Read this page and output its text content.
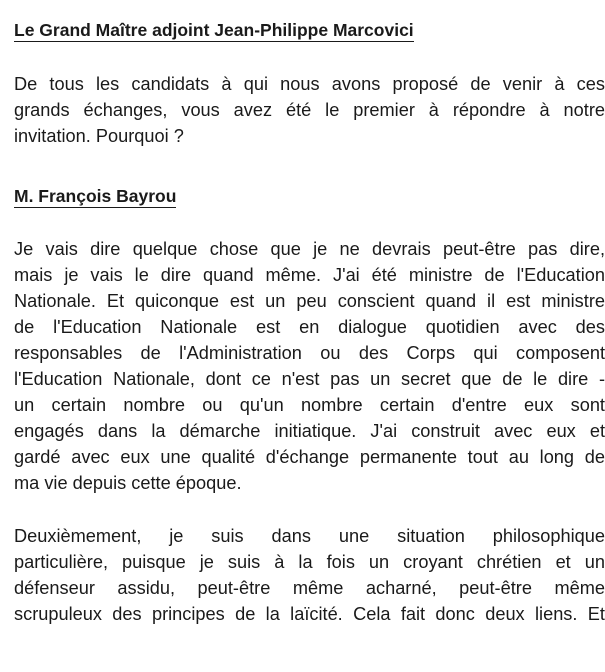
Le Grand Maître adjoint Jean-Philippe Marcovici
De tous les candidats à qui nous avons proposé de venir à ces
grands échanges, vous avez été le premier à répondre à notre
invitation. Pourquoi ?
M. François Bayrou
Je vais dire quelque chose que je ne devrais peut-être pas dire,
mais je vais le dire quand même. J'ai été ministre de l'Education
Nationale. Et quiconque est un peu conscient quand il est ministre
de l'Education Nationale est en dialogue quotidien avec des
responsables de l'Administration ou des Corps qui composent
l'Education Nationale, dont ce n'est pas un secret que de le dire -
un certain nombre ou qu'un nombre certain d'entre eux sont
engagés dans la démarche initiatique. J'ai construit avec eux et
gardé avec eux une qualité d'échange permanente tout au long de
ma vie depuis cette époque.
Deuxièmement, je suis dans une situation philosophique
particulière, puisque je suis à la fois un croyant chrétien et un
défenseur assidu, peut-être même acharné, peut-être même
scrupuleux des principes de la laïcité. Cela fait donc deux liens. Et
